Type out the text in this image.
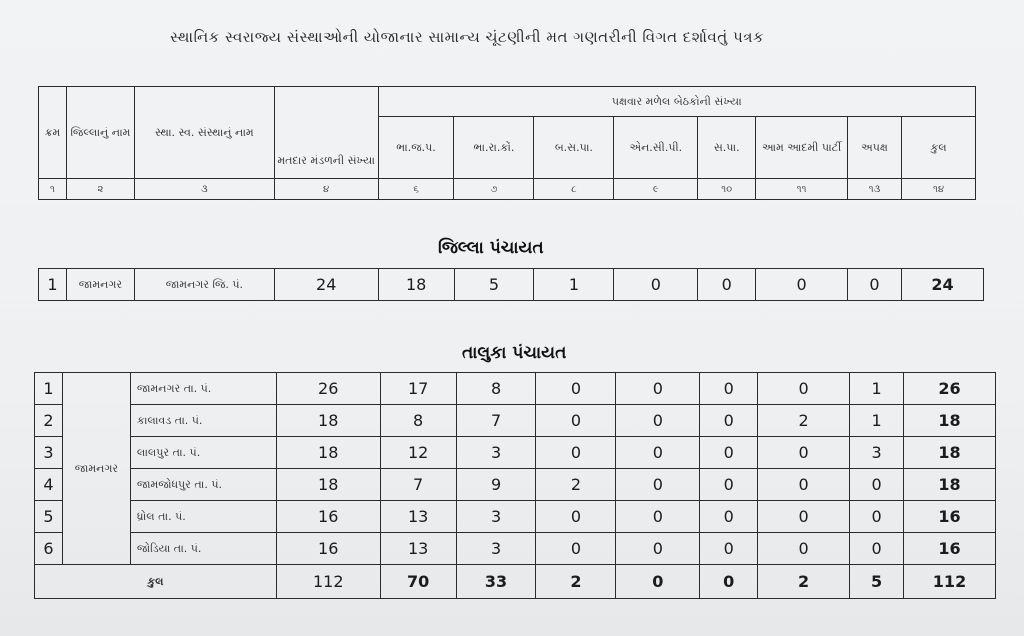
સ્થાનિક સ્વરાજ્ય સંસ્થાઓની યોજાનાર સામાન્ય ચૂંટણીની મત ગણતરીની વિગત દર્શાવતું પત્રક
ક્રમ	જિલ્લાનું નામ	સ્થા. સ્વ. સંસ્થાનું નામ	મતદાર મંડળની સંખ્યા	પક્ષવાર મળેલ બેઠકોની સંખ્યા							
				ભા.જ.પ.	ભા.રા.કોં.	બ.સ.પા.	એન.સી.પી.	સ.પા.	આમ આદમી પાર્ટી	અપક્ષ	કુલ
૧	૨	૩	૪	૬	૭	૮	૯	૧૦	૧૧	૧૩	૧૪
જિલ્લા પંચાયત
1	જામનગર	જામનગર જિ. પં.	24	18	5	1	0	0	0	0	24
તાલુકા પંચાયત
1	જામનગર	જામનગર તા. પં.	26	17	8	0	0	0	0	1	26
2		કાલાવડ તા. પં.	18	8	7	0	0	0	2	1	18
3		લાલપુર તા. પં.	18	12	3	0	0	0	0	3	18
4		જામજોધપુર તા. પં.	18	7	9	2	0	0	0	0	18
5		ધ્રોલ તા. પં.	16	13	3	0	0	0	0	0	16
6		જોડિયા તા. પં.	16	13	3	0	0	0	0	0	16
કુલ			112	70	33	2	0	0	2	5	112
